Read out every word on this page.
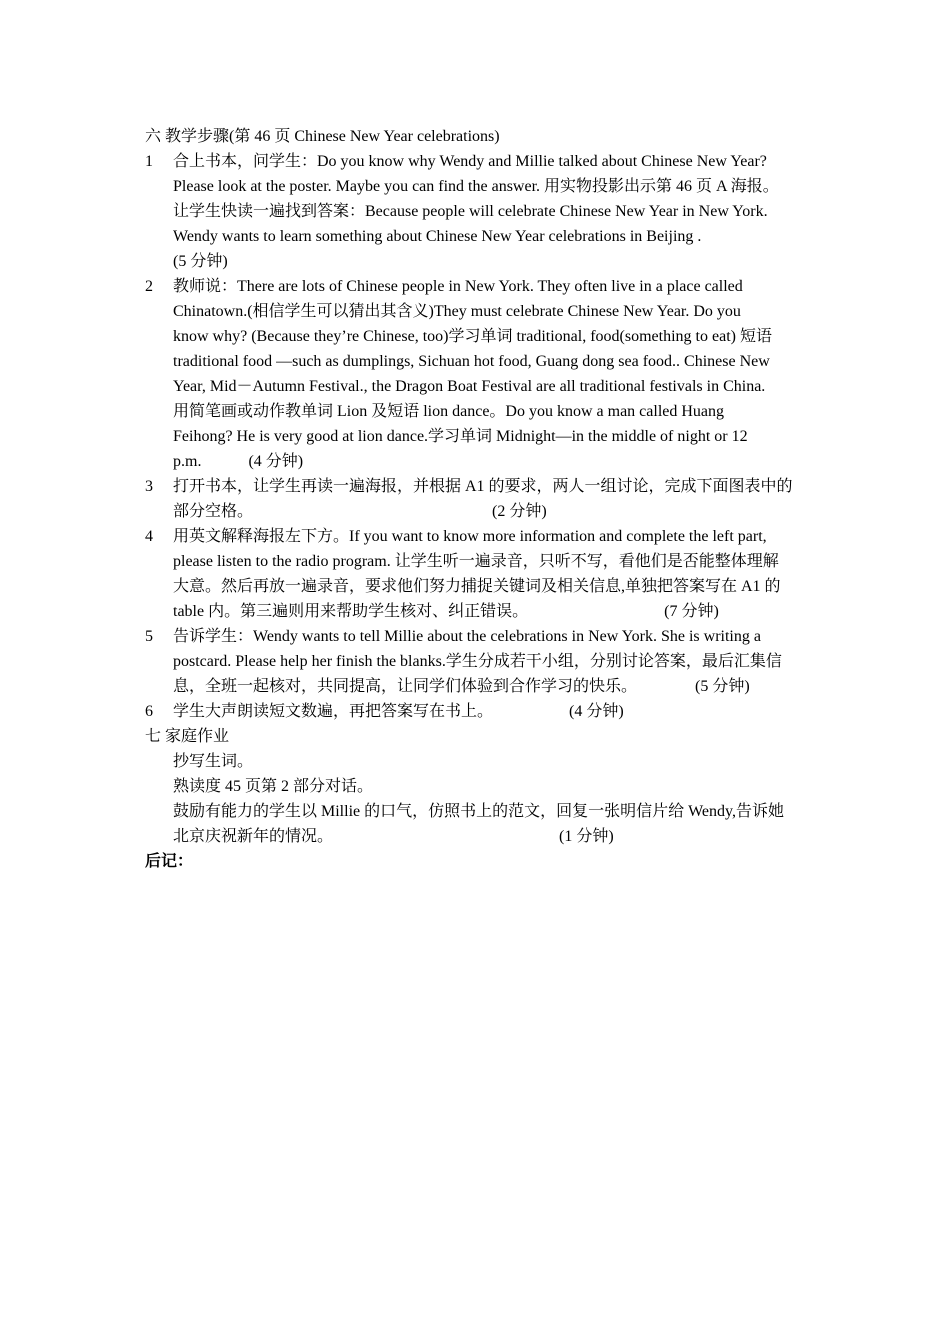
六 教学步骤(第 46 页 Chinese New Year celebrations)
1 合上书本，问学生：Do you know why Wendy and Millie talked about Chinese New Year?
Please look at the poster. Maybe you can find the answer. 用实物投影出示第 46 页 A 海报。
让学生快读一遍找到答案：Because people will celebrate Chinese New Year in New York.
Wendy wants to learn something about Chinese New Year celebrations in Beijing .
(5 分钟)
2 教师说：There are lots of Chinese people in New York. They often live in a place called
Chinatown.(相信学生可以猜出其含义)They must celebrate Chinese New Year. Do you
know why? (Because they’re Chinese, too)学习单词 traditional, food(something to eat) 短语
traditional food —such as dumplings, Sichuan hot food, Guang dong sea food.. Chinese New
Year, Mid－Autumn Festival., the Dragon Boat Festival are all traditional festivals in China.
用简笔画或动作教单词 Lion 及短语 lion dance。Do you know a man called Huang
Feihong? He is very good at lion dance.学习单词 Midnight—in the middle of night or 12
p.m.	(4 分钟)
3 打开书本，让学生再读一遍海报，并根据 A1 的要求，两人一组讨论，完成下面图表中的
部分空格。	(2 分钟)
4 用英文解释海报左下方。If you want to know more information and complete the left part,
please listen to the radio program. 让学生听一遍录音，只听不写，看他们是否能整体理解
大意。然后再放一遍录音，要求他们努力捕捉关键词及相关信息,单独把答案写在 A1 的
table 内。第三遍则用来帮助学生核对、纠正错误。	(7 分钟)
5 告诉学生：Wendy wants to tell Millie about the celebrations in New York. She is writing a
postcard. Please help her finish the blanks.学生分成若干小组，分别讨论答案，最后汇集信
息，全班一起核对，共同提高，让同学们体验到合作学习的快乐。	(5 分钟)
6 学生大声朗读短文数遍，再把答案写在书上。	(4 分钟)
七 家庭作业
抄写生词。
熟读度 45 页第 2 部分对话。
鼓励有能力的学生以 Millie 的口气，仿照书上的范文，回复一张明信片给 Wendy,告诉她
北京庆祝新年的情况。	(1 分钟)
后记：
